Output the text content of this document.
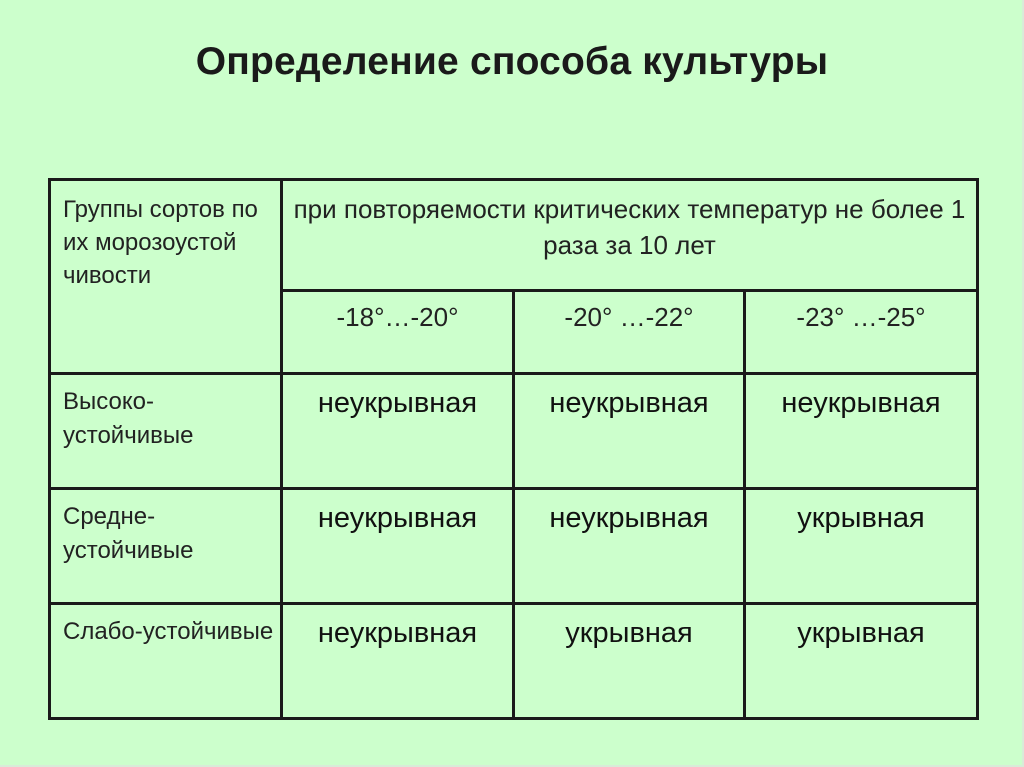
Определение способа культуры
Группы сортов по их морозоустой чивости	при повторяемости критических температур не более 1 раза за 10 лет		
	-18°…-20°	-20° …-22°	-23° …-25°
Высоко-устойчивые	неукрывная	неукрывная	неукрывная
Средне-устойчивые	неукрывная	неукрывная	укрывная
Слабо-устойчивые	неукрывная	укрывная	укрывная
